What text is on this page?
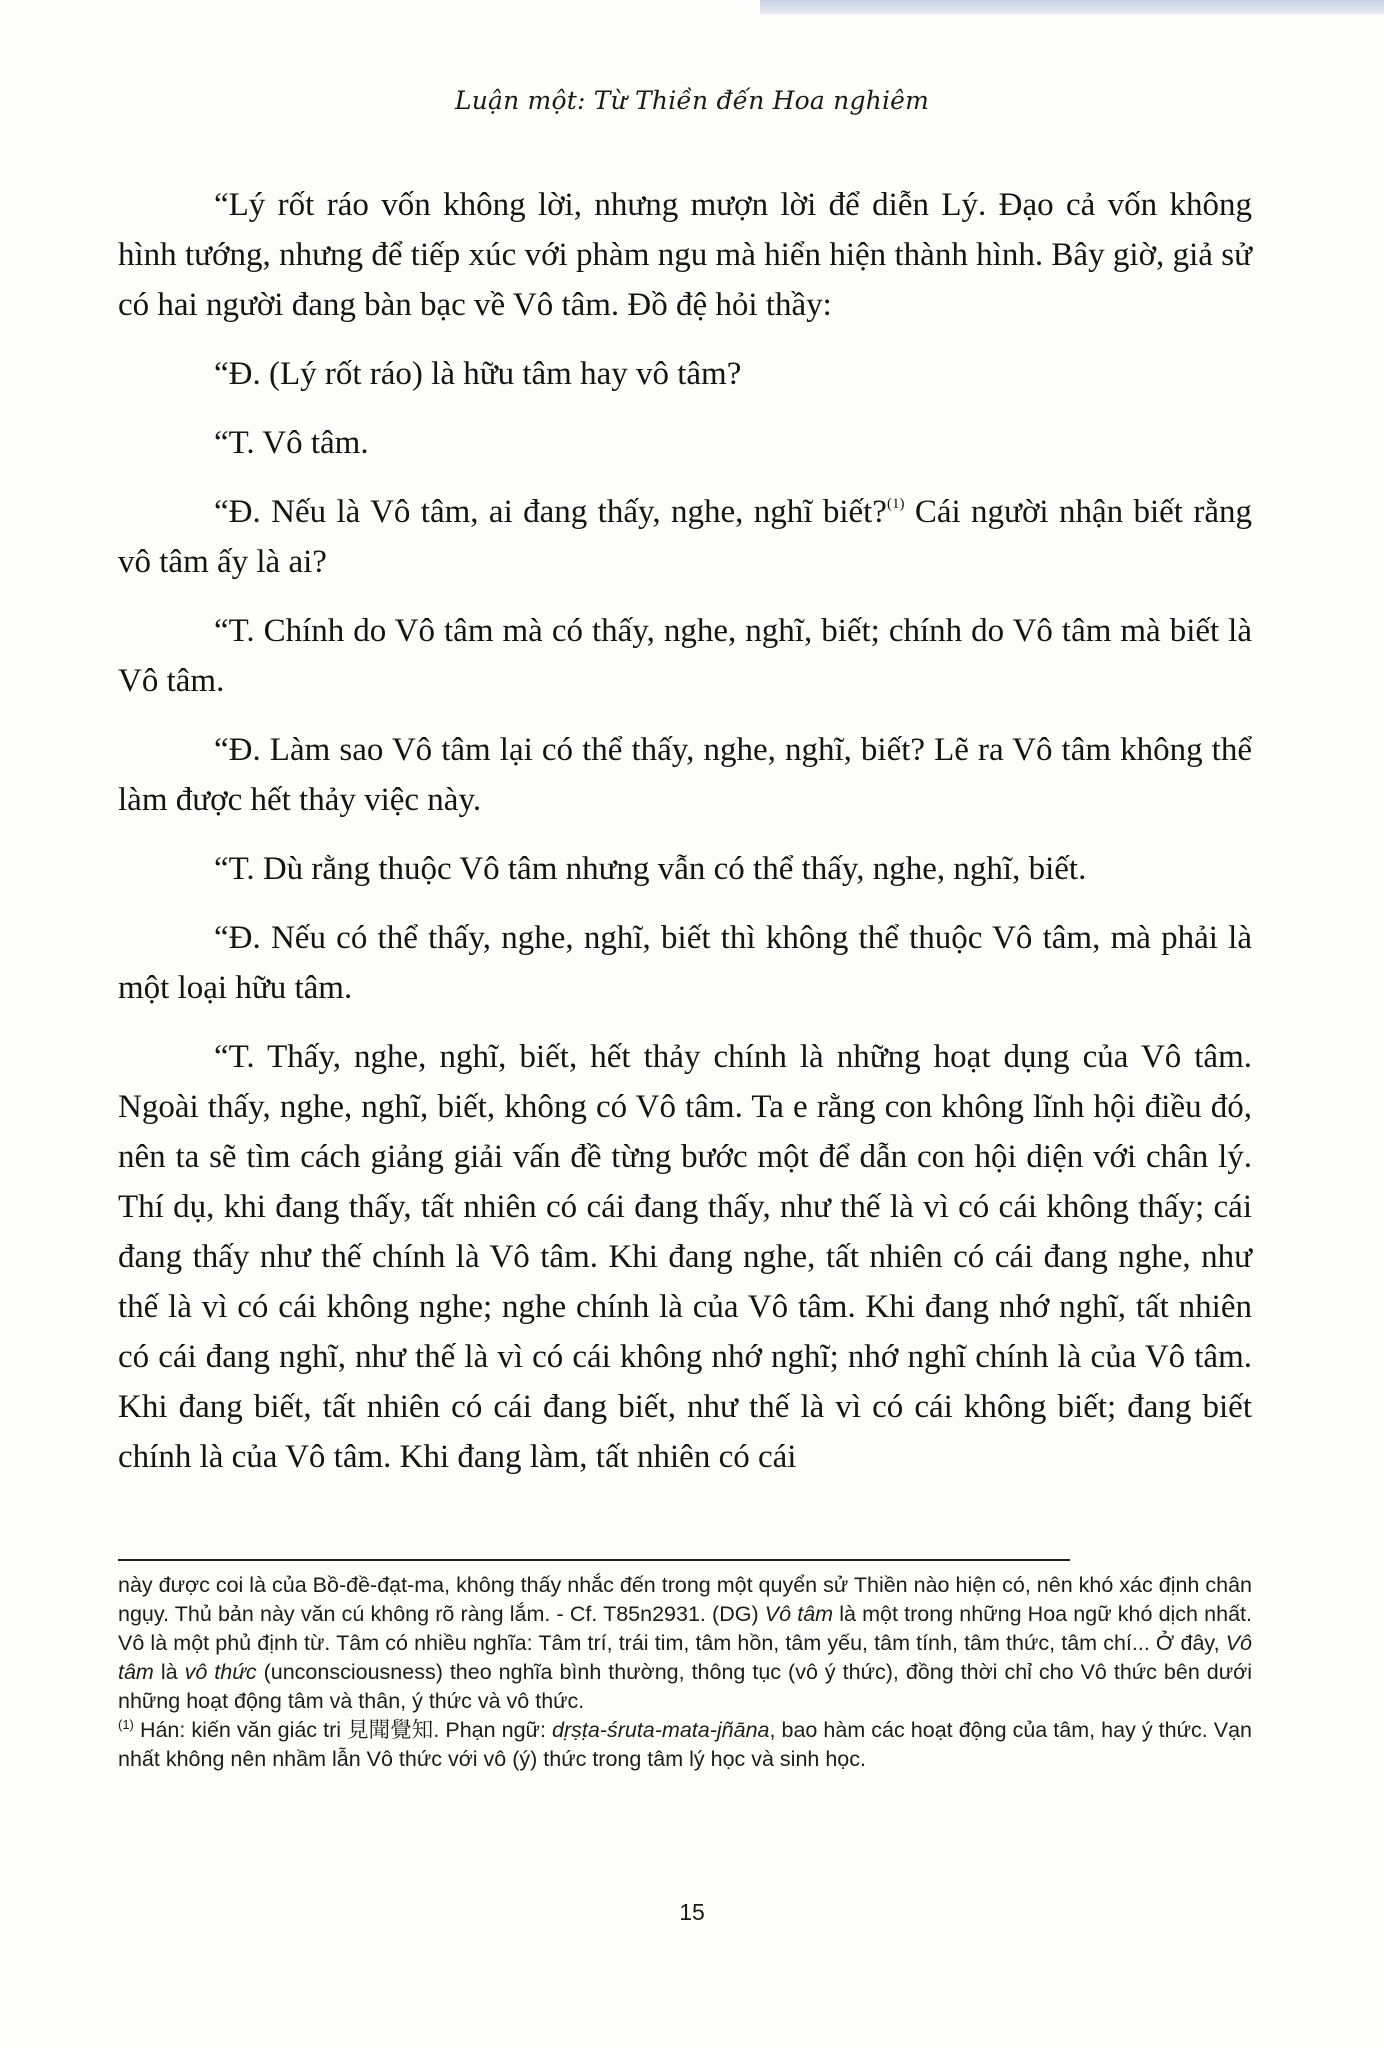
Luận một: Từ Thiền đến Hoa nghiêm

“Lý rốt ráo vốn không lời, nhưng mượn lời để diễn Lý. Đạo cả vốn không hình tướng, nhưng để tiếp xúc với phàm ngu mà hiển hiện thành hình. Bây giờ, giả sử có hai người đang bàn bạc về Vô tâm. Đồ đệ hỏi thầy:

“Đ. (Lý rốt ráo) là hữu tâm hay vô tâm?

“T. Vô tâm.

“Đ. Nếu là Vô tâm, ai đang thấy, nghe, nghĩ biết?$^{(1)}$ Cái người nhận biết rằng vô tâm ấy là ai?

“T. Chính do Vô tâm mà có thấy, nghe, nghĩ, biết; chính do Vô tâm mà biết là Vô tâm.

“Đ. Làm sao Vô tâm lại có thể thấy, nghe, nghĩ, biết? Lẽ ra Vô tâm không thể làm được hết thảy việc này.

“T. Dù rằng thuộc Vô tâm nhưng vẫn có thể thấy, nghe, nghĩ, biết.

“Đ. Nếu có thể thấy, nghe, nghĩ, biết thì không thể thuộc Vô tâm, mà phải là một loại hữu tâm.

“T. Thấy, nghe, nghĩ, biết, hết thảy chính là những hoạt dụng của Vô tâm. Ngoài thấy, nghe, nghĩ, biết, không có Vô tâm. Ta e rằng con không lĩnh hội điều đó, nên ta sẽ tìm cách giảng giải vấn đề từng bước một để dẫn con hội diện với chân lý. Thí dụ, khi đang thấy, tất nhiên có cái đang thấy, như thế là vì có cái không thấy; cái đang thấy như thế chính là Vô tâm. Khi đang nghe, tất nhiên có cái đang nghe, như thế là vì có cái không nghe; nghe chính là của Vô tâm. Khi đang nhớ nghĩ, tất nhiên có cái đang nghĩ, như thế là vì có cái không nhớ nghĩ; nhớ nghĩ chính là của Vô tâm. Khi đang biết, tất nhiên có cái đang biết, như thế là vì có cái không biết; đang biết chính là của Vô tâm. Khi đang làm, tất nhiên có cái

này được coi là của Bồ-đề-đạt-ma, không thấy nhắc đến trong một quyển sử Thiền nào hiện có, nên khó xác định chân ngụy. Thủ bản này văn cú không rõ ràng lắm. - Cf. T85n2931. (DG) Vô tâm là một trong những Hoa ngữ khó dịch nhất. Vô là một phủ định từ. Tâm có nhiều nghĩa: Tâm trí, trái tim, tâm hồn, tâm yếu, tâm tính, tâm thức, tâm chí... Ở đây, Vô tâm là vô thức (unconsciousness) theo nghĩa bình thường, thông tục (vô ý thức), đồng thời chỉ cho Vô thức bên dưới những hoạt động tâm và thân, ý thức và vô thức.

$^{(1)}$ Hán: kiến văn giác tri 見聞覺知. Phạn ngữ: dṛṣṭa-śruta-mata-jñāna, bao hàm các hoạt động của tâm, hay ý thức. Vạn nhất không nên nhầm lẫn Vô thức với vô (ý) thức trong tâm lý học và sinh học.

15
